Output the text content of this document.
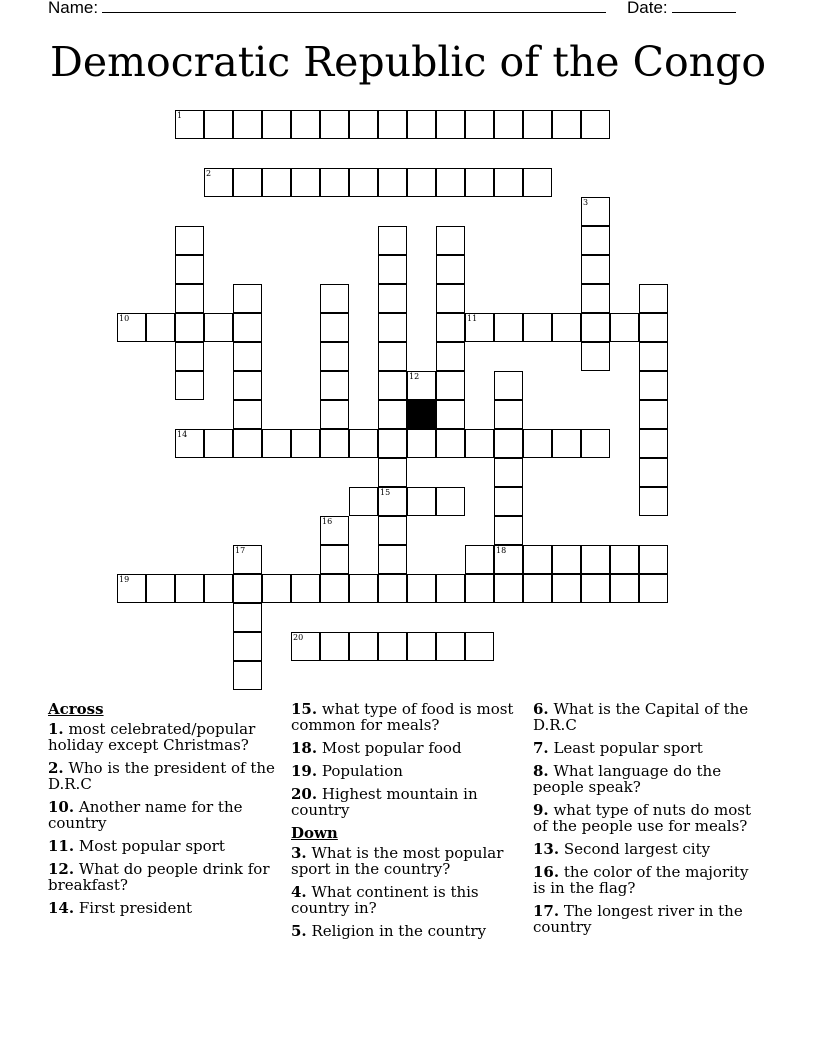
Name:	Date:
Democratic Republic of the Congo
1
2
3
15
10	11
12
18
14
16
17
19
20
Across
1. most celebrated/popular holiday except Christmas?
2. Who is the president of the D.R.C
10. Another name for the country
11. Most popular sport
12. What do people drink for breakfast?
14. First president
15. what type of food is most common for meals?
18. Most popular food
19. Population
20. Highest mountain in country
Down
3. What is the most popular sport in the country?
4. What continent is this country in?
5. Religion in the country
6. What is the Capital of the D.R.C
7. Least popular sport
8. What language do the people speak?
9. what type of nuts do most of the people use for meals?
13. Second largest city
16. the color of the majority is in the flag?
17. The longest river in the country
